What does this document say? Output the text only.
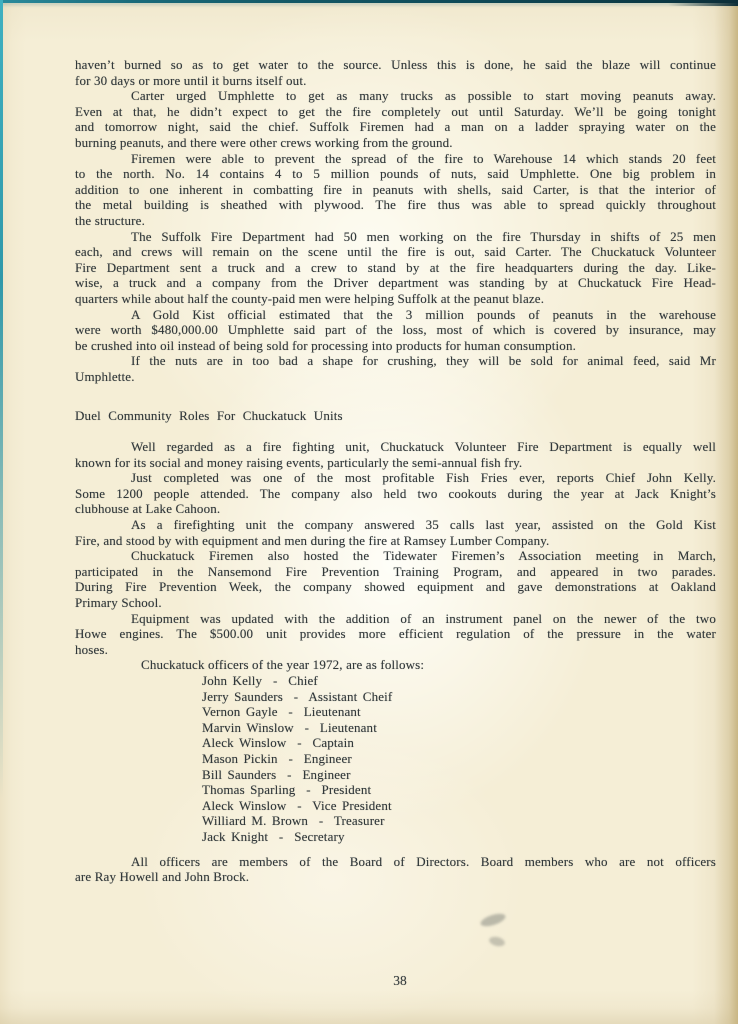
haven’t burned so as to get water to the source. Unless this is done, he said the blaze will continue
for 30 days or more until it burns itself out.
Carter urged Umphlette to get as many trucks as possible to start moving peanuts away.
Even at that, he didn’t expect to get the fire completely out until Saturday. We’ll be going tonight
and tomorrow night, said the chief. Suffolk Firemen had a man on a ladder spraying water on the
burning peanuts, and there were other crews working from the ground.
Firemen were able to prevent the spread of the fire to Warehouse 14 which stands 20 feet
to the north. No. 14 contains 4 to 5 million pounds of nuts, said Umphlette. One big problem in
addition to one inherent in combatting fire in peanuts with shells, said Carter, is that the interior of
the metal building is sheathed with plywood. The fire thus was able to spread quickly throughout
the structure.
The Suffolk Fire Department had 50 men working on the fire Thursday in shifts of 25 men
each, and crews will remain on the scene until the fire is out, said Carter. The Chuckatuck Volunteer
Fire Department sent a truck and a crew to stand by at the fire headquarters during the day. Like-
wise, a truck and a company from the Driver department was standing by at Chuckatuck Fire Head-
quarters while about half the county-paid men were helping Suffolk at the peanut blaze.
A Gold Kist official estimated that the 3 million pounds of peanuts in the warehouse
were worth $480,000.00 Umphlette said part of the loss, most of which is covered by insurance, may
be crushed into oil instead of being sold for processing into products for human consumption.
If the nuts are in too bad a shape for crushing, they will be sold for animal feed, said Mr
Umphlette.
Duel Community Roles For Chuckatuck Units
Well regarded as a fire fighting unit, Chuckatuck Volunteer Fire Department is equally well
known for its social and money raising events, particularly the semi-annual fish fry.
Just completed was one of the most profitable Fish Fries ever, reports Chief John Kelly.
Some 1200 people attended. The company also held two cookouts during the year at Jack Knight’s
clubhouse at Lake Cahoon.
As a firefighting unit the company answered 35 calls last year, assisted on the Gold Kist
Fire, and stood by with equipment and men during the fire at Ramsey Lumber Company.
Chuckatuck Firemen also hosted the Tidewater Firemen’s Association meeting in March,
participated in the Nansemond Fire Prevention Training Program, and appeared in two parades.
During Fire Prevention Week, the company showed equipment and gave demonstrations at Oakland
Primary School.
Equipment was updated with the addition of an instrument panel on the newer of the two
Howe engines. The $500.00 unit provides more efficient regulation of the pressure in the water
hoses.
Chuckatuck officers of the year 1972, are as follows:
John Kelly  -  Chief
Jerry Saunders  -  Assistant Cheif
Vernon Gayle  -  Lieutenant
Marvin Winslow  -  Lieutenant
Aleck Winslow  -  Captain
Mason Pickin  -  Engineer
Bill Saunders  -  Engineer
Thomas Sparling  -  President
Aleck Winslow  -  Vice President
Williard M. Brown  -  Treasurer
Jack Knight  -  Secretary
All officers are members of the Board of Directors. Board members who are not officers
are Ray Howell and John Brock.
38
